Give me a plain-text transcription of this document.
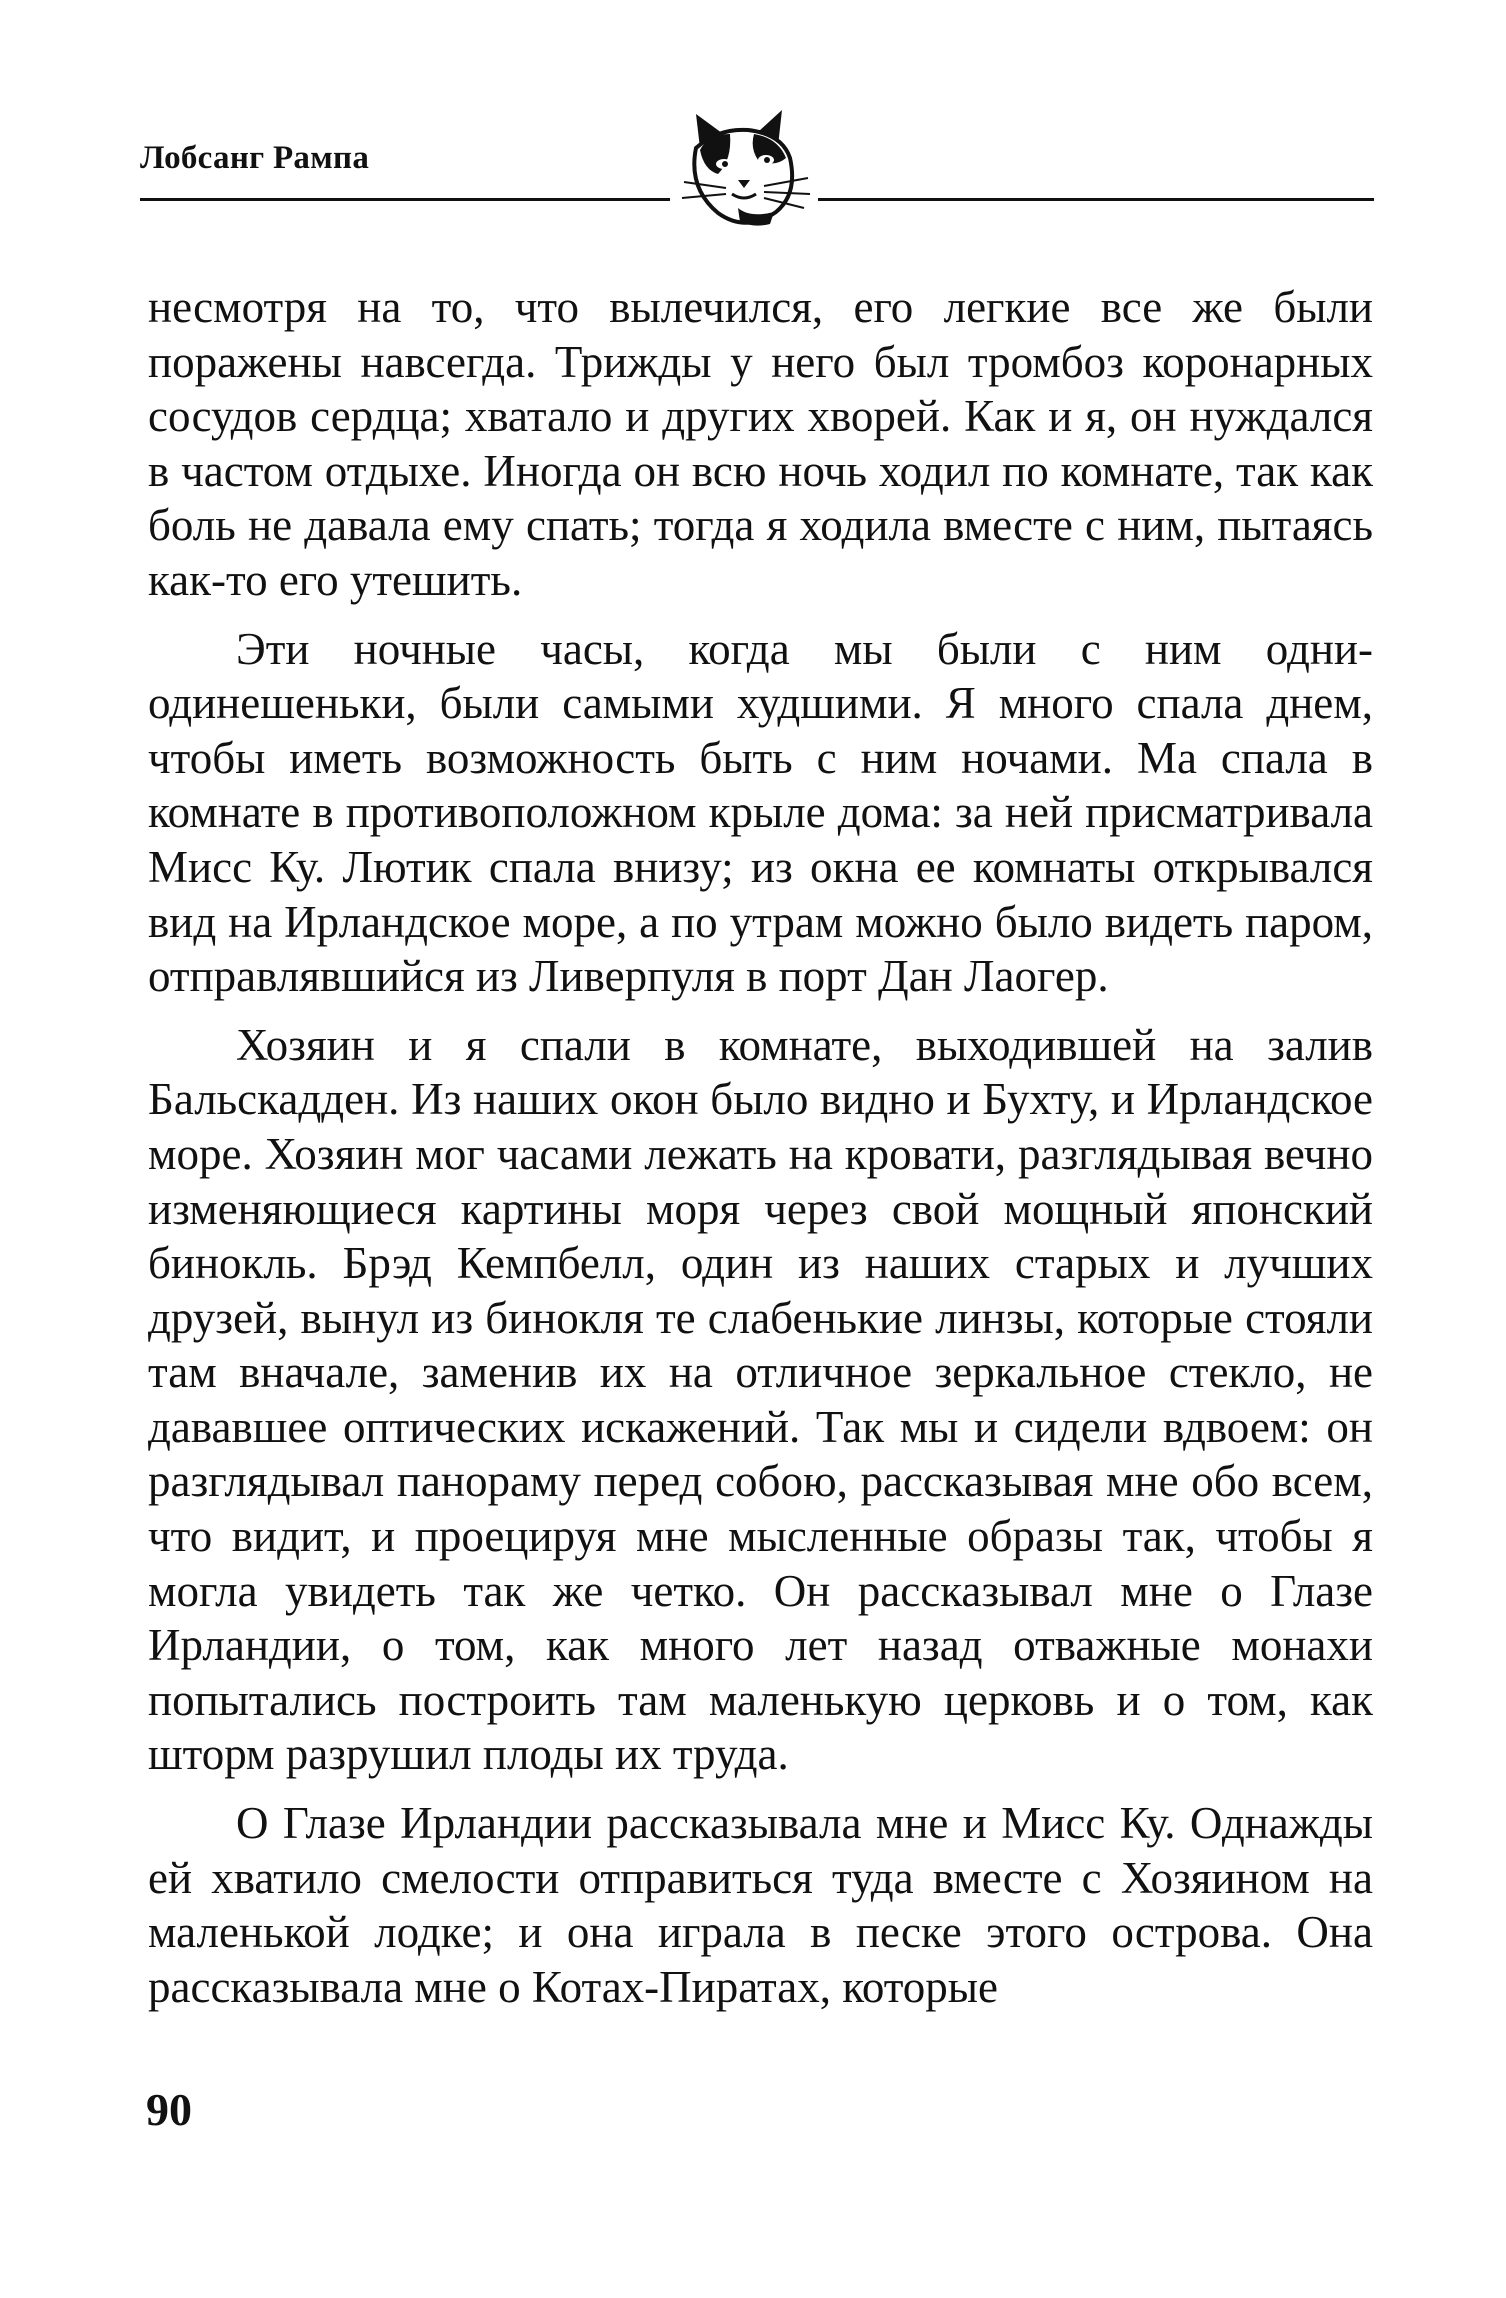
Лобсанг Рампа

несмотря на то, что вылечился, его легкие все же были поражены навсегда. Трижды у него был тромбоз коронарных сосудов сердца; хватало и других хворей. Как и я, он нуждался в частом отдыхе. Иногда он всю ночь ходил по комнате, так как боль не давала ему спать; тогда я ходила вместе с ним, пытаясь как-то его утешить.

Эти ночные часы, когда мы были с ним одни-одинешеньки, были самыми худшими. Я много спала днем, чтобы иметь возможность быть с ним ночами. Ма спала в комнате в противоположном крыле дома: за ней присматривала Мисс Ку. Лютик спала внизу; из окна ее комнаты открывался вид на Ирландское море, а по утрам можно было видеть паром, отправлявшийся из Ливерпуля в порт Дан Лаогер.

Хозяин и я спали в комнате, выходившей на залив Бальскадден. Из наших окон было видно и Бухту, и Ирландское море. Хозяин мог часами лежать на кровати, разглядывая вечно изменяющиеся картины моря через свой мощный японский бинокль. Брэд Кемпбелл, один из наших старых и лучших друзей, вынул из бинокля те слабенькие линзы, которые стояли там вначале, заменив их на отличное зеркальное стекло, не дававшее оптических искажений. Так мы и сидели вдвоем: он разглядывал панораму перед собою, рассказывая мне обо всем, что видит, и проецируя мне мысленные образы так, чтобы я могла увидеть так же четко. Он рассказывал мне о Глазе Ирландии, о том, как много лет назад отважные монахи попытались построить там маленькую церковь и о том, как шторм разрушил плоды их труда.

О Глазе Ирландии рассказывала мне и Мисс Ку. Однажды ей хватило смелости отправиться туда вместе с Хозяином на маленькой лодке; и она играла в песке этого острова. Она рассказывала мне о Котах-Пиратах, которые

90
